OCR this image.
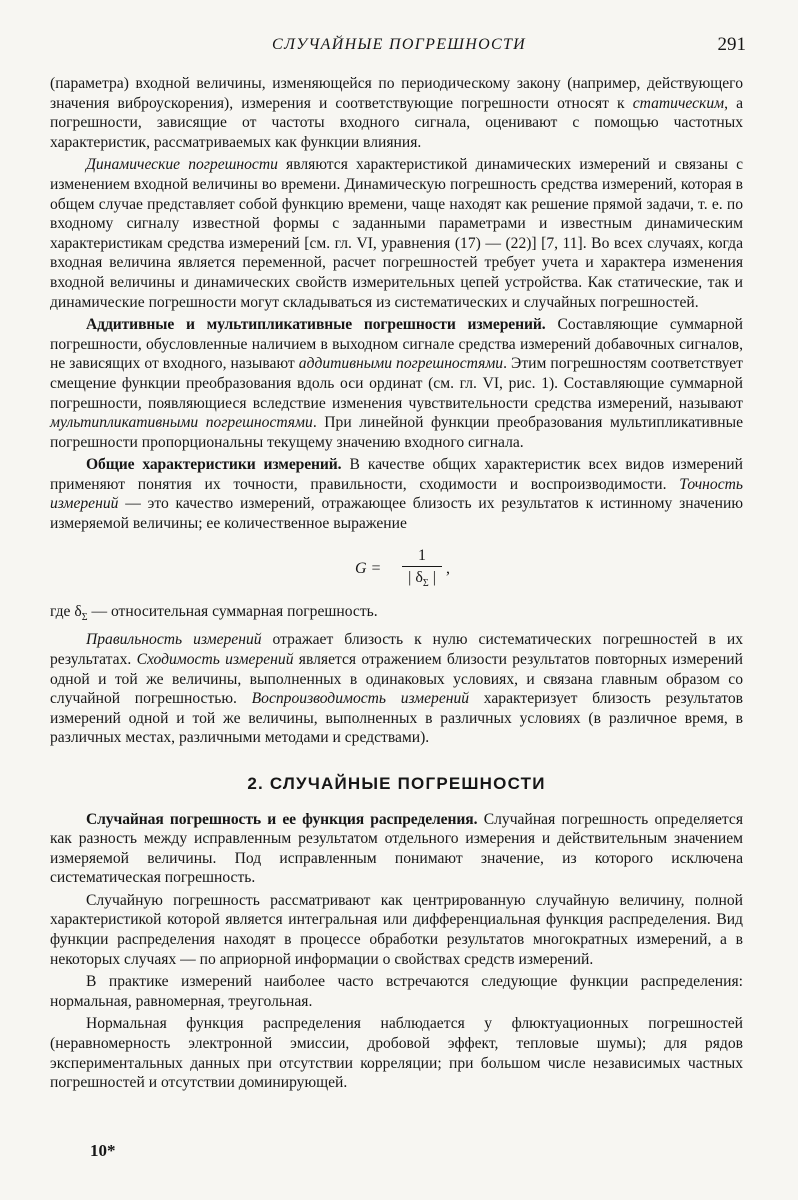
СЛУЧАЙНЫЕ ПОГРЕШНОСТИ	291

(параметра) входной величины, изменяющейся по периодическому закону (например, действующего значения виброускорения), измерения и соответствующие погрешности относят к статическим, а погрешности, зависящие от частоты входного сигнала, оценивают с помощью частотных характеристик, рассматриваемых как функции влияния.

Динамические погрешности являются характеристикой динамических измерений и связаны с изменением входной величины во времени. Динамическую погрешность средства измерений, которая в общем случае представляет собой функцию времени, чаще находят как решение прямой задачи, т. е. по входному сигналу известной формы с заданными параметрами и известным динамическим характеристикам средства измерений [см. гл. VI, уравнения (17) — (22)] [7, 11]. Во всех случаях, когда входная величина является переменной, расчет погрешностей требует учета и характера изменения входной величины и динамических свойств измерительных цепей устройства. Как статические, так и динамические погрешности могут складываться из систематических и случайных погрешностей.

Аддитивные и мультипликативные погрешности измерений. Составляющие суммарной погрешности, обусловленные наличием в выходном сигнале средства измерений добавочных сигналов, не зависящих от входного, называют аддитивными погрешностями. Этим погрешностям соответствует смещение функции преобразования вдоль оси ординат (см. гл. VI, рис. 1). Составляющие суммарной погрешности, появляющиеся вследствие изменения чувствительности средства измерений, называют мультипликативными погрешностями. При линейной функции преобразования мультипликативные погрешности пропорциональны текущему значению входного сигнала.

Общие характеристики измерений. В качестве общих характеристик всех видов измерений применяют понятия их точности, правильности, сходимости и воспроизводимости. Точность измерений — это качество измерений, отражающее близость их результатов к истинному значению измеряемой величины; ее количественное выражение

$G = \frac{1}{| \delta_\Sigma |}$ ,

где $\delta_\Sigma$ — относительная суммарная погрешность.

Правильность измерений отражает близость к нулю систематических погрешностей в их результатах. Сходимость измерений является отражением близости результатов повторных измерений одной и той же величины, выполненных в одинаковых условиях, и связана главным образом со случайной погрешностью. Воспроизводимость измерений характеризует близость результатов измерений одной и той же величины, выполненных в различных условиях (в различное время, в различных местах, различными методами и средствами).

2. СЛУЧАЙНЫЕ ПОГРЕШНОСТИ

Случайная погрешность и ее функция распределения. Случайная погрешность определяется как разность между исправленным результатом отдельного измерения и действительным значением измеряемой величины. Под исправленным понимают значение, из которого исключена систематическая погрешность.

Случайную погрешность рассматривают как центрированную случайную величину, полной характеристикой которой является интегральная или дифференциальная функция распределения. Вид функции распределения находят в процессе обработки результатов многократных измерений, а в некоторых случаях — по априорной информации о свойствах средств измерений.

В практике измерений наиболее часто встречаются следующие функции распределения: нормальная, равномерная, треугольная.

Нормальная функция распределения наблюдается у флюктуационных погрешностей (неравномерность электронной эмиссии, дробовой эффект, тепловые шумы); для рядов экспериментальных данных при отсутствии корреляции; при большом числе независимых частных погрешностей и отсутствии доминирующей.

10*
